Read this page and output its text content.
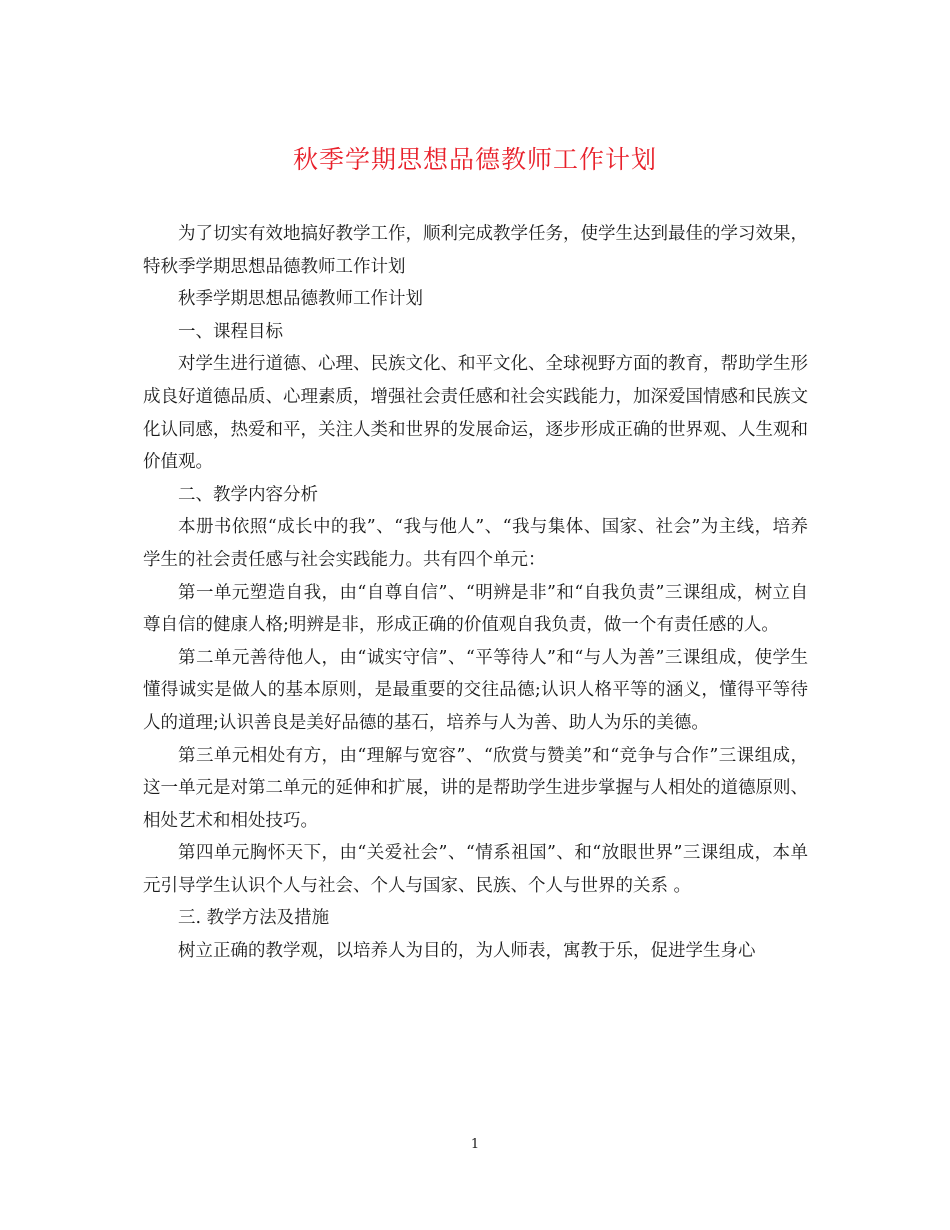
秋季学期思想品德教师工作计划

为了切实有效地搞好教学工作，顺利完成教学任务，使学生达到最佳的学习效果，特秋季学期思想品德教师工作计划

秋季学期思想品德教师工作计划

一、课程目标

对学生进行道德、心理、民族文化、和平文化、全球视野方面的教育，帮助学生形成良好道德品质、心理素质，增强社会责任感和社会实践能力，加深爱国情感和民族文化认同感，热爱和平，关注人类和世界的发展命运，逐步形成正确的世界观、人生观和价值观。

二、教学内容分析

本册书依照“成长中的我”、“我与他人”、“我与集体、国家、社会”为主线，培养学生的社会责任感与社会实践能力。共有四个单元：

第一单元塑造自我，由“自尊自信”、“明辨是非”和“自我负责”三课组成，树立自尊自信的健康人格;明辨是非，形成正确的价值观自我负责，做一个有责任感的人。

第二单元善待他人，由“诚实守信”、“平等待人”和“与人为善”三课组成，使学生懂得诚实是做人的基本原则，是最重要的交往品德;认识人格平等的涵义，懂得平等待人的道理;认识善良是美好品德的基石，培养与人为善、助人为乐的美德。

第三单元相处有方，由“理解与宽容”、“欣赏与赞美”和“竞争与合作”三课组成，这一单元是对第二单元的延伸和扩展，讲的是帮助学生进步掌握与人相处的道德原则、相处艺术和相处技巧。

第四单元胸怀天下，由“关爱社会”、“情系祖国”、和“放眼世界”三课组成，本单元引导学生认识个人与社会、个人与国家、民族、个人与世界的关系 。

三. 教学方法及措施

树立正确的教学观，以培养人为目的，为人师表，寓教于乐，促进学生身心

1
